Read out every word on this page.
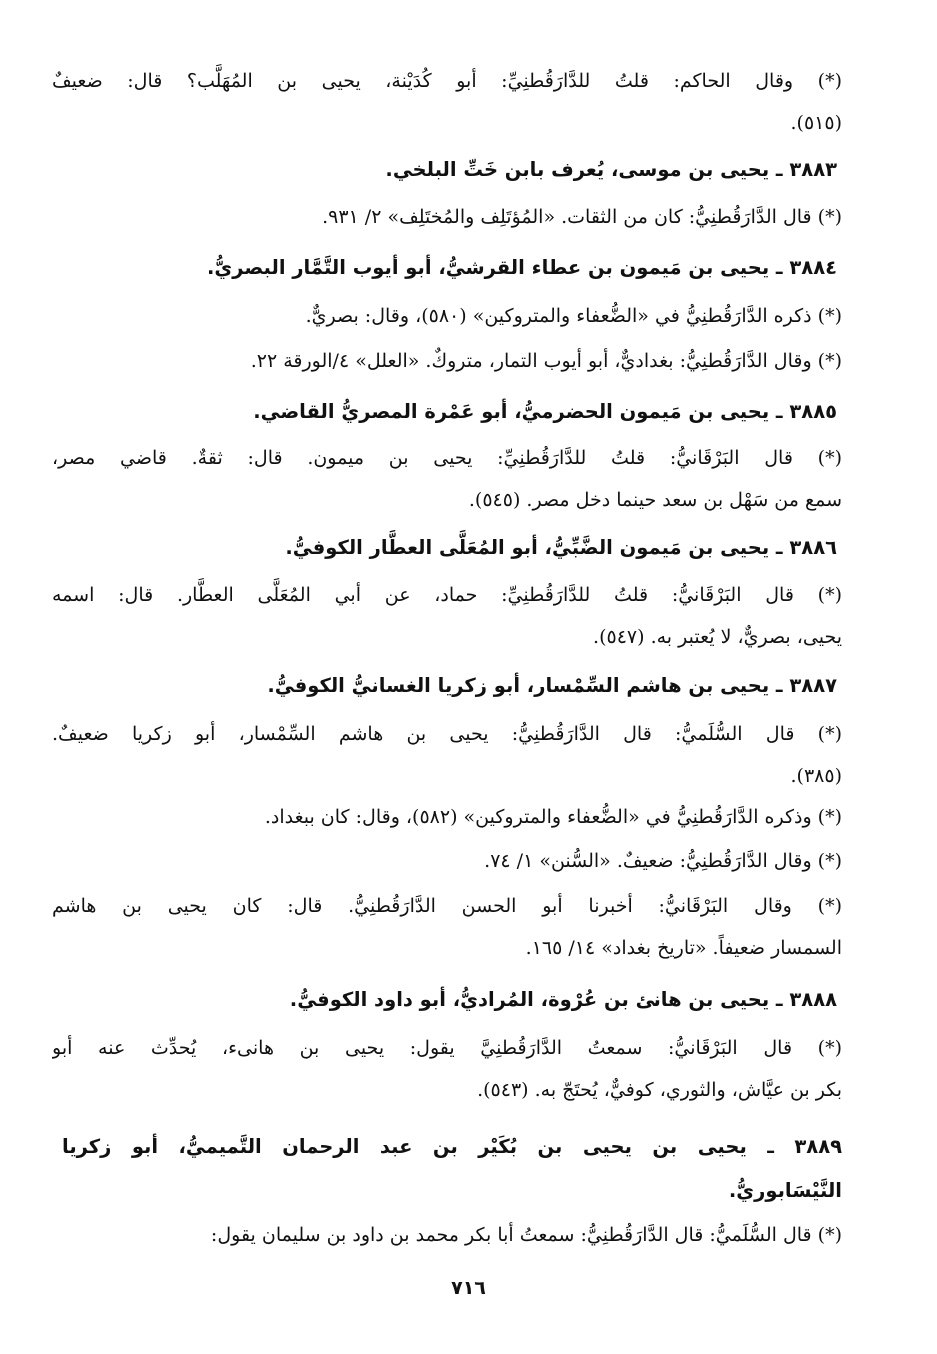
(*) وقال الحاكم: قلتُ للدَّارَقُطنِيِّ: أبو كُدَيْنة، يحيى بن المُهَلَّب؟ قال: ضعيفٌ
(٥١٥).
٣٨٨٣ ـ يحيى بن موسى، يُعرف بابن خَتِّ البلخي.
(*) قال الدَّارَقُطنِيُّ: كان من الثقات. «المُؤتَلِف والمُختَلِف» ٢/ ٩٣١.
٣٨٨٤ ـ يحيى بن مَيمون بن عطاء القرشيُّ، أبو أيوب التَّمَّار البصريُّ.
(*) ذكره الدَّارَقُطنِيُّ في «الضُّعفاء والمتروكين» (٥٨٠)، وقال: بصريٌّ.
(*) وقال الدَّارَقُطنِيُّ: بغداديٌّ، أبو أيوب التمار، متروكٌ. «العلل» ٤/الورقة ٢٢.
٣٨٨٥ ـ يحيى بن مَيمون الحضرميُّ، أبو عَمْرة المصريُّ القاضي.
(*) قال البَرْقَانيُّ: قلتُ للدَّارَقُطنِيِّ: يحيى بن ميمون. قال: ثقةٌ. قاضي مصر،
سمع من سَهْل بن سعد حينما دخل مصر. (٥٤٥).
٣٨٨٦ ـ يحيى بن مَيمون الضَّبِّيُّ، أبو المُعَلَّى العطَّار الكوفيُّ.
(*) قال البَرْقَانيُّ: قلتُ للدَّارَقُطنِيِّ: حماد، عن أبي المُعَلَّى العطَّار. قال: اسمه
يحيى، بصريٌّ، لا يُعتبر به. (٥٤٧).
٣٨٨٧ ـ يحيى بن هاشم السِّمْسار، أبو زكريا الغسانيُّ الكوفيُّ.
(*) قال السُّلَميُّ: قال الدَّارَقُطنِيُّ: يحيى بن هاشم السِّمْسار، أبو زكريا ضعيفٌ.
(٣٨٥).
(*) وذكره الدَّارَقُطنِيُّ في «الضُّعفاء والمتروكين» (٥٨٢)، وقال: كان ببغداد.
(*) وقال الدَّارَقُطنِيُّ: ضعيفٌ. «السُّنن» ١/ ٧٤.
(*) وقال البَرْقَانيُّ: أخبرنا أبو الحسن الدَّارَقُطنِيُّ. قال: كان يحيى بن هاشم
السمسار ضعيفاً. «تاريخ بغداد» ١٤/ ١٦٥.
٣٨٨٨ ـ يحيى بن هانئ بن عُرْوة، المُراديُّ، أبو داود الكوفيُّ.
(*) قال البَرْقَانيُّ: سمعتُ الدَّارَقُطنِيَّ يقول: يحيى بن هانىء، يُحدِّث عنه أبو
بكر بن عيَّاش، والثوري، كوفيٌّ، يُحتَجّ به. (٥٤٣).
٣٨٨٩ ـ يحيى بن يحيى بن بُكَيْر بن عبد الرحمان التَّميميُّ، أبو زكريا
النَّيْسَابوريُّ.
(*) قال السُّلَميُّ: قال الدَّارَقُطنِيُّ: سمعتُ أبا بكر محمد بن داود بن سليمان يقول:
٧١٦
